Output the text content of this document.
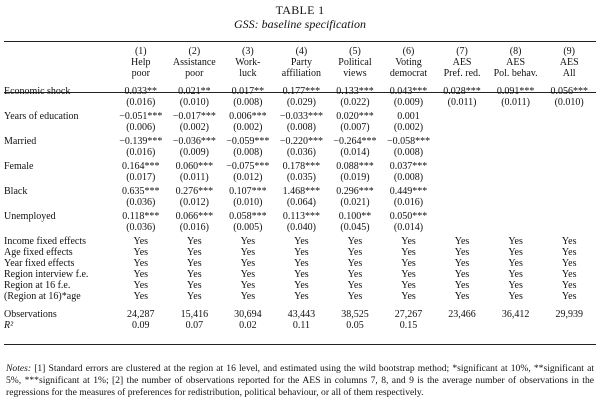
TABLE 1
GSS: baseline specification
	(1)	(2)	(3)	(4)	(5)	(6)	(7)	(8)	(9)
	Help	Assistance	Work-	Party	Political	Voting	AES	AES	AES
	poor	poor	luck	affiliation	views	democrat	Pref. red.	Pol. behav.	All

Economic shock	0.033**	0.021**	0.017**	0.177***	0.133***	0.043***	0.028***	0.091***	0.056***
	(0.016)	(0.010)	(0.008)	(0.029)	(0.022)	(0.009)	(0.011)	(0.011)	(0.010)

Years of education	−0.051***	−0.017***	0.006***	−0.033***	0.020***	0.001			
	(0.006)	(0.002)	(0.002)	(0.008)	(0.007)	(0.002)			

Married	−0.139***	−0.036***	−0.059***	−0.220***	−0.264***	−0.058***			
	(0.016)	(0.009)	(0.008)	(0.036)	(0.014)	(0.008)			

Female	0.164***	0.060***	−0.075***	0.178***	0.088***	0.037***			
	(0.017)	(0.011)	(0.012)	(0.035)	(0.019)	(0.008)			

Black	0.635***	0.276***	0.107***	1.468***	0.296***	0.449***			
	(0.036)	(0.012)	(0.010)	(0.064)	(0.021)	(0.016)			

Unemployed	0.118***	0.066***	0.058***	0.113***	0.100**	0.050***			
	(0.036)	(0.016)	(0.005)	(0.040)	(0.045)	(0.014)			

Income fixed effects	Yes	Yes	Yes	Yes	Yes	Yes	Yes	Yes	Yes
Age fixed effects	Yes	Yes	Yes	Yes	Yes	Yes	Yes	Yes	Yes
Year fixed effects	Yes	Yes	Yes	Yes	Yes	Yes	Yes	Yes	Yes
Region interview f.e.	Yes	Yes	Yes	Yes	Yes	Yes	Yes	Yes	Yes
Region at 16 f.e.	Yes	Yes	Yes	Yes	Yes	Yes	Yes	Yes	Yes
(Region at 16)*age	Yes	Yes	Yes	Yes	Yes	Yes	Yes	Yes	Yes

Observations	24,287	15,416	30,694	43,443	38,525	27,267	23,466	36,412	29,939
R²	0.09	0.07	0.02	0.11	0.05	0.15			
Notes: [1] Standard errors are clustered at the region at 16 level, and estimated using the wild bootstrap method; *significant at 10%, **significant at 5%, ***significant at 1%; [2] the number of observations reported for the AES in columns 7, 8, and 9 is the average number of observations in the regressions for the measures of preferences for redistribution, political behaviour, or all of them respectively.
